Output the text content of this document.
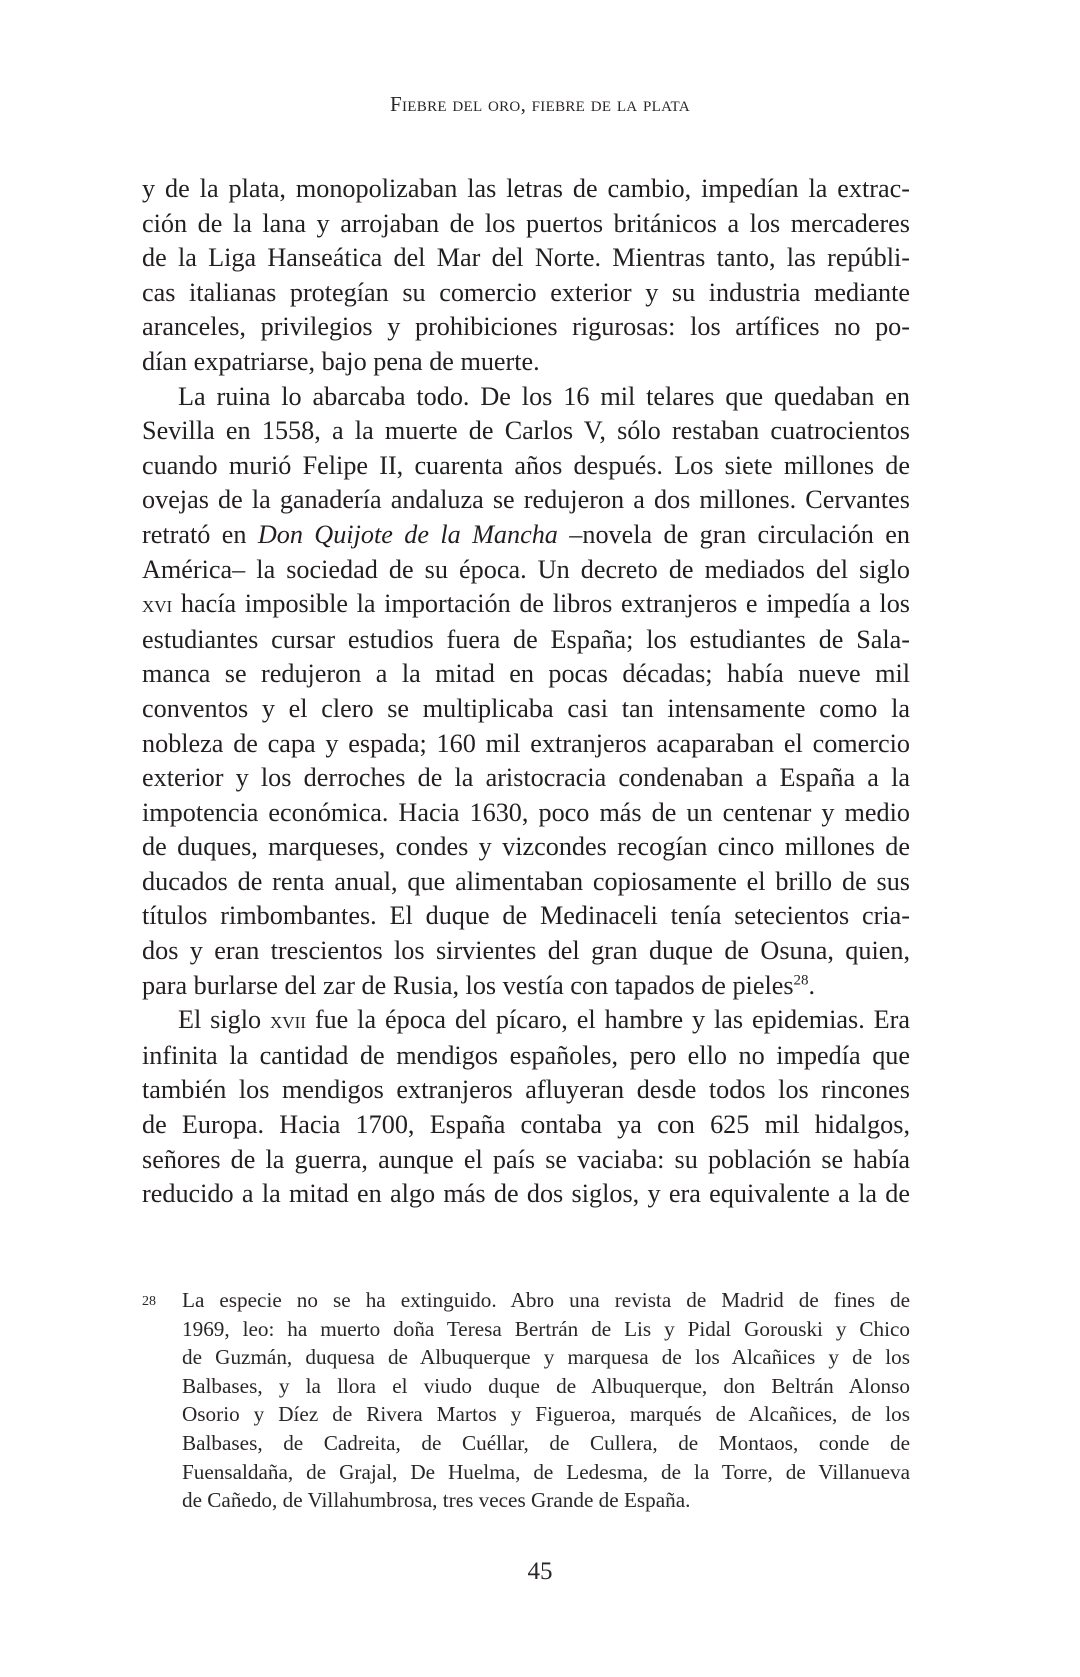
Fiebre del oro, fiebre de la plata

y de la plata, monopolizaban las letras de cambio, impedían la extrac-
ción de la lana y arrojaban de los puertos británicos a los mercaderes
de la Liga Hanseática del Mar del Norte. Mientras tanto, las repúbli-
cas italianas protegían su comercio exterior y su industria mediante
aranceles, privilegios y prohibiciones rigurosas: los artífices no po-
dían expatriarse, bajo pena de muerte.

La ruina lo abarcaba todo. De los 16 mil telares que quedaban en
Sevilla en 1558, a la muerte de Carlos V, sólo restaban cuatrocientos
cuando murió Felipe II, cuarenta años después. Los siete millones de
ovejas de la ganadería andaluza se redujeron a dos millones. Cervantes
retrató en Don Quijote de la Mancha –novela de gran circulación en
América– la sociedad de su época. Un decreto de mediados del siglo
xvi hacía imposible la importación de libros extranjeros e impedía a los
estudiantes cursar estudios fuera de España; los estudiantes de Sala-
manca se redujeron a la mitad en pocas décadas; había nueve mil
conventos y el clero se multiplicaba casi tan intensamente como la
nobleza de capa y espada; 160 mil extranjeros acaparaban el comercio
exterior y los derroches de la aristocracia condenaban a España a la
impotencia económica. Hacia 1630, poco más de un centenar y medio
de duques, marqueses, condes y vizcondes recogían cinco millones de
ducados de renta anual, que alimentaban copiosamente el brillo de sus
títulos rimbombantes. El duque de Medinaceli tenía setecientos cria-
dos y eran trescientos los sirvientes del gran duque de Osuna, quien,
para burlarse del zar de Rusia, los vestía con tapados de pieles$^{28}$.

El siglo xvii fue la época del pícaro, el hambre y las epidemias. Era
infinita la cantidad de mendigos españoles, pero ello no impedía que
también los mendigos extranjeros afluyeran desde todos los rincones
de Europa. Hacia 1700, España contaba ya con 625 mil hidalgos,
señores de la guerra, aunque el país se vaciaba: su población se había
reducido a la mitad en algo más de dos siglos, y era equivalente a la de

28 La especie no se ha extinguido. Abro una revista de Madrid de fines de
1969, leo: ha muerto doña Teresa Bertrán de Lis y Pidal Gorouski y Chico
de Guzmán, duquesa de Albuquerque y marquesa de los Alcañices y de los
Balbases, y la llora el viudo duque de Albuquerque, don Beltrán Alonso
Osorio y Díez de Rivera Martos y Figueroa, marqués de Alcañices, de los
Balbases, de Cadreita, de Cuéllar, de Cullera, de Montaos, conde de
Fuensaldaña, de Grajal, De Huelma, de Ledesma, de la Torre, de Villanueva
de Cañedo, de Villahumbrosa, tres veces Grande de España.
45
